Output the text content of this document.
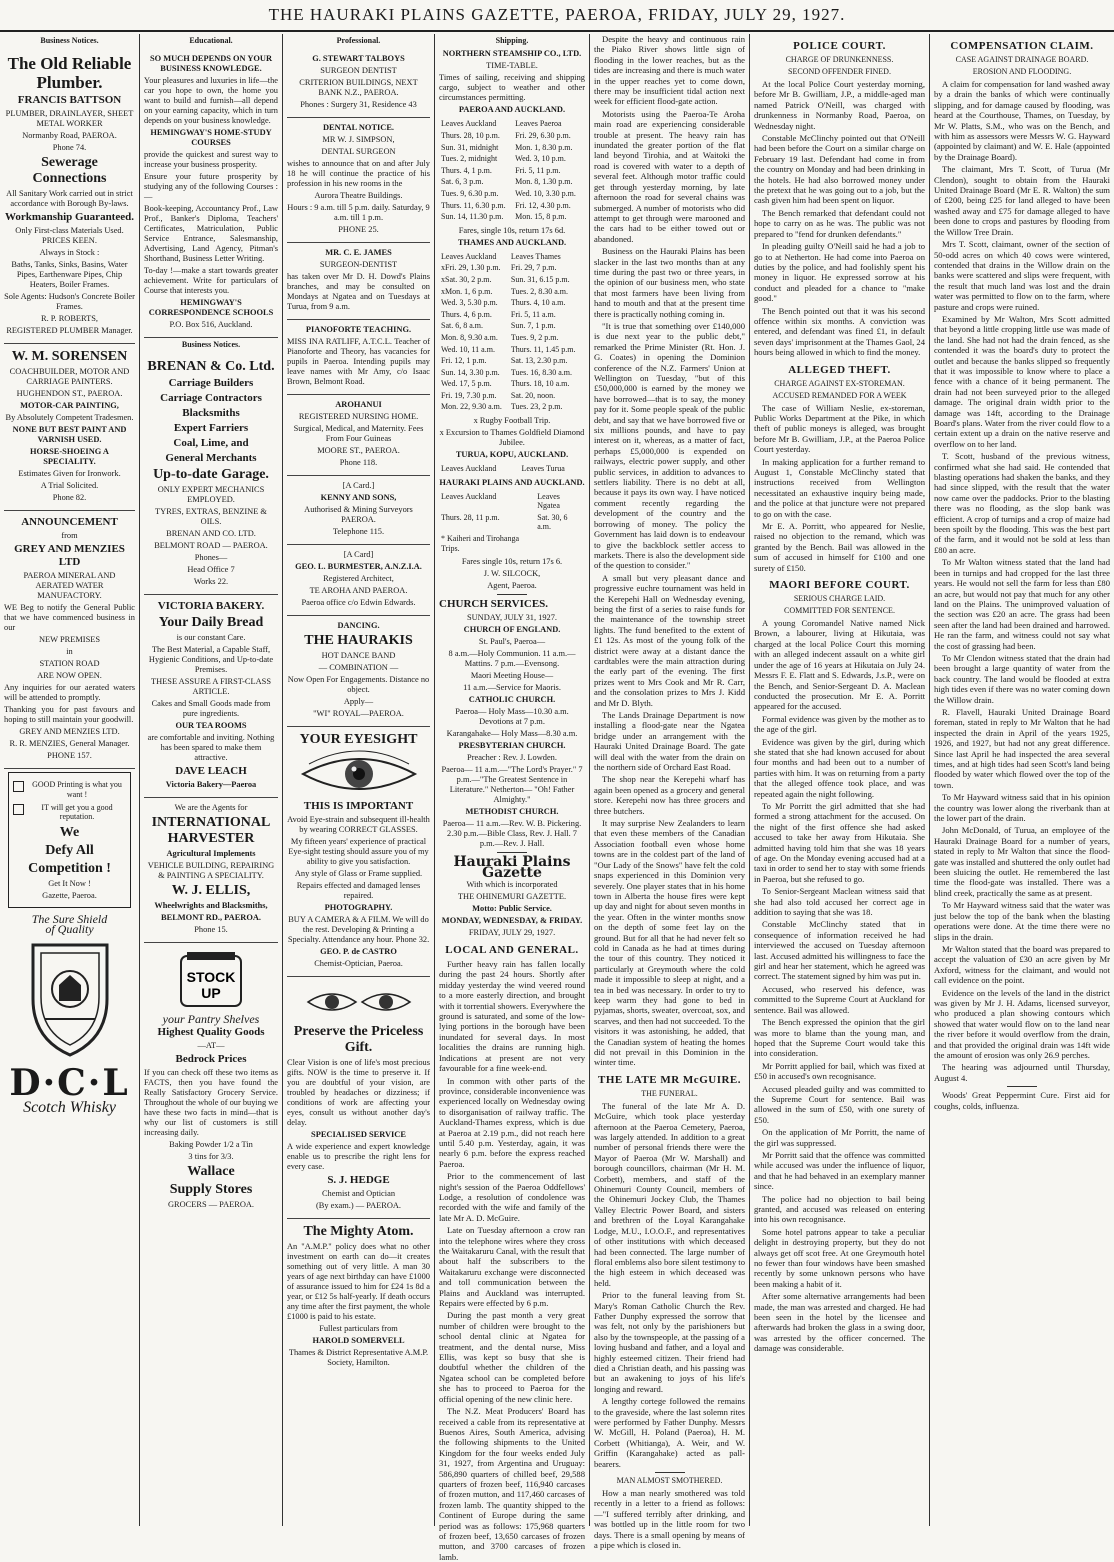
THE HAURAKI PLAINS GAZETTE, PAEROA, FRIDAY, JULY 29, 1927.
Business Notices.
The Old Reliable Plumber.
FRANCIS BATTSON
PLUMBER, DRAINLAYER, SHEET METAL WORKER
Normanby Road, PAEROA.
Phone 74.
Sewerage Connections
All Sanitary Work carried out in strict accordance with Borough By-laws.
Workmanship Guaranteed.
Only First-class Materials Used. PRICES KEEN.
Always in Stock :
Baths, Tanks, Sinks, Basins, Water Pipes, Earthenware Pipes, Chip Heaters, Boiler Frames.
Sole Agents: Hudson's Concrete Boiler Frames.
R. P. ROBERTS,
REGISTERED PLUMBER Manager.
W. M. SORENSEN
COACHBUILDER, MOTOR AND CARRIAGE PAINTERS.
HUGHENDON ST., PAEROA.
MOTOR-CAR PAINTING,
By Absolutely Competent Tradesmen.
NONE BUT BEST PAINT AND VARNISH USED.
HORSE-SHOEING A SPECIALITY.
Estimates Given for Ironwork.
A Trial Solicited.
Phone 82.
ANNOUNCEMENT
from
GREY AND MENZIES LTD
PAEROA MINERAL AND AERATED WATER MANUFACTORY.
WE Beg to notify the General Public that we have commenced business in our
NEW PREMISES
in
STATION ROAD
ARE NOW OPEN.
Any inquiries for our aerated waters will be attended to promptly.
Thanking you for past favours and hoping to still maintain your goodwill.
GREY AND MENZIES LTD.
R. R. MENZIES, General Manager.
PHONE 157.
GOOD Printing is what you want !
IT will get you a good reputation.
We
Defy All
Competition !
Get It Now !
Gazette, Paeroa.
The Sure Shield
of Quality
D·C·L
Scotch Whisky
Educational.
SO MUCH DEPENDS ON YOUR BUSINESS KNOWLEDGE.
Your pleasures and luxuries in life—the car you hope to own, the home you want to build and furnish—all depend on your earning capacity, which in turn depends on your business knowledge.
HEMINGWAY'S HOME-STUDY COURSES
provide the quickest and surest way to increase your business prosperity.
Ensure your future prosperity by studying any of the following Courses :—
Book-keeping, Accountancy Prof., Law Prof., Banker's Diploma, Teachers' Certificates, Matriculation, Public Service Entrance, Salesmanship, Advertising, Land Agency, Pitman's Shorthand, Business Letter Writing.
To-day !—make a start towards greater achievement. Write for particulars of Course that interests you.
HEMINGWAY'S CORRESPONDENCE SCHOOLS
P.O. Box 516, Auckland.
Business Notices.
BRENAN & Co. Ltd.
Carriage Builders
Carriage Contractors
Blacksmiths
Expert Farriers
Coal, Lime, and
General Merchants
Up-to-date Garage.
ONLY EXPERT MECHANICS EMPLOYED.
TYRES, EXTRAS, BENZINE & OILS.
BRENAN AND CO. LTD.
BELMONT ROAD — PAEROA.
Phones—
Head Office 7
Works 22.
VICTORIA BAKERY.
Your Daily Bread
is our constant Care.
The Best Material, a Capable Staff, Hygienic Conditions, and Up-to-date Premises.
THESE ASSURE A FIRST-CLASS ARTICLE.
Cakes and Small Goods made from pure ingredients.
OUR TEA ROOMS
are comfortable and inviting. Nothing has been spared to make them attractive.
DAVE LEACH
Victoria Bakery—Paeroa
We are the Agents for
INTERNATIONAL HARVESTER
Agricultural Implements
VEHICLE BUILDING, REPAIRING & PAINTING A SPECIALITY.
W. J. ELLIS,
Wheelwrights and Blacksmiths,
BELMONT RD., PAEROA.
Phone 15.
STOCK
UP
your Pantry Shelves
Highest Quality Goods
—AT—
Bedrock Prices
If you can check off these two items as FACTS, then you have found the Really Satisfactory Grocery Service. Throughout the whole of our buying we have these two facts in mind—that is why our list of customers is still increasing daily.
Baking Powder 1/2 a Tin
3 tins for 3/3.
Wallace
Supply Stores
GROCERS — PAEROA.
Professional.
G. STEWART TALBOYS
SURGEON DENTIST
CRITERION BUILDINGS, NEXT BANK N.Z., PAEROA.
Phones : Surgery 31, Residence 43
DENTAL NOTICE.
MR W. J. SIMPSON,
DENTAL SURGEON
wishes to announce that on and after July 18 he will continue the practice of his profession in his new rooms in the
Aurora Theatre Buildings.
Hours : 9 a.m. till 5 p.m. daily. Saturday, 9 a.m. till 1 p.m.
PHONE 25.
MR. C. E. JAMES
SURGEON-DENTIST
has taken over Mr D. H. Dowd's Plains branches, and may be consulted on Mondays at Ngatea and on Tuesdays at Turua, from 9 a.m.
PIANOFORTE TEACHING.
MISS INA RATLIFF, A.T.C.L. Teacher of Pianoforte and Theory, has vacancies for pupils in Paeroa. Intending pupils may leave names with Mr Amy, c/o Isaac Brown, Belmont Road.
AROHANUI
REGISTERED NURSING HOME.
Surgical, Medical, and Maternity. Fees From Four Guineas
MOORE ST., PAEROA.
Phone 118.
[A Card.]
KENNY AND SONS,
Authorised & Mining Surveyors PAEROA.
Telephone 115.
[A Card]
GEO. L. BURMESTER, A.N.Z.I.A.
Registered Architect,
TE AROHA AND PAEROA.
Paeroa office c/o Edwin Edwards.
DANCING.
THE HAURAKIS
HOT DANCE BAND
— COMBINATION —
Now Open For Engagements. Distance no object.
Apply—
"WI" ROYAL—PAEROA.
YOUR EYESIGHT
THIS IS IMPORTANT
Avoid Eye-strain and subsequent ill-health by wearing CORRECT GLASSES.
My fifteen years' experience of practical Eye-sight testing should assure you of my ability to give you satisfaction.
Any style of Glass or Frame supplied.
Repairs effected and damaged lenses repaired.
PHOTOGRAPHY.
BUY A CAMERA & A FILM. We will do the rest. Developing & Printing a Specialty. Attendance any hour. Phone 32.
GEO. P. de CASTRO
Chemist-Optician, Paeroa.
Preserve the Priceless Gift.
Clear Vision is one of life's most precious gifts. NOW is the time to preserve it. If you are doubtful of your vision, are troubled by headaches or dizziness; if conditions of work are affecting your eyes, consult us without another day's delay.
SPECIALISED SERVICE
A wide experience and expert knowledge enable us to prescribe the right lens for every case.
S. J. HEDGE
Chemist and Optician
(By exam.) — PAEROA.
The Mighty Atom.
An "A.M.P." policy does what no other investment on earth can do—it creates something out of very little. A man 30 years of age next birthday can have £1000 of assurance issued to him for £24 1s 8d a year, or £12 5s half-yearly. If death occurs any time after the first payment, the whole £1000 is paid to his estate.
Fullest particulars from
HAROLD SOMERVELL
Thames & District Representative A.M.P. Society, Hamilton.
Shipping.
NORTHERN STEAMSHIP CO., LTD.
TIME-TABLE.
Times of sailing, receiving and shipping cargo, subject to weather and other circumstances permitting.
PAEROA AND AUCKLAND.
Leaves Auckland	Leaves Paeroa
Thurs. 28, 10 p.m.	Fri. 29, 6.30 p.m.
Sun. 31, midnight	Mon. 1, 8.30 p.m.
Tues. 2, midnight	Wed. 3, 10 p.m.
Thurs. 4, 1 p.m.	Fri. 5, 11 p.m.
Sat. 6, 3 p.m.	Mon. 8, 1.30 p.m.
Tues. 9, 6.30 p.m.	Wed. 10, 3.30 p.m.
Thurs. 11, 6.30 p.m.	Fri. 12, 4.30 p.m.
Sun. 14, 11.30 p.m.	Mon. 15, 8 p.m.
Fares, single 10s, return 17s 6d.
THAMES AND AUCKLAND.
Leaves Auckland	Leaves Thames
xFri. 29, 1.30 p.m.	Fri. 29, 7 p.m.
xSat. 30, 2 p.m.	Sun. 31, 6.15 p.m.
xMon. 1, 6 p.m.	Tues. 2, 8.30 a.m.
Wed. 3, 5.30 p.m.	Thurs. 4, 10 a.m.
Thurs. 4, 6 p.m.	Fri. 5, 11 a.m.
Sat. 6, 8 a.m.	Sun. 7, 1 p.m.
Mon. 8, 9.30 a.m.	Tues. 9, 2 p.m.
Wed. 10, 11 a.m.	Thurs. 11, 1.45 p.m.
Fri. 12, 1 p.m.	Sat. 13, 2.30 p.m.
Sun. 14, 3.30 p.m.	Tues. 16, 8.30 a.m.
Wed. 17, 5 p.m.	Thurs. 18, 10 a.m.
Fri. 19, 7.30 p.m.	Sat. 20, noon.
Mon. 22, 9.30 a.m.	Tues. 23, 2 p.m.
x Rugby Football Trip.
x Excursion to Thames Goldfield Diamond Jubilee.
TURUA, KOPU, AUCKLAND.
Leaves Auckland	Leaves Turua
HAURAKI PLAINS AND AUCKLAND.
Leaves Auckland	Leaves Ngatea
Thurs. 28, 11 p.m.	Sat. 30, 6 a.m.
* Kaiheri and Tirohanga Trips.	
Fares single 10s, return 17s 6.
J. W. SILCOCK,
Agent, Paeroa.
CHURCH SERVICES.
SUNDAY, JULY 31, 1927.
CHURCH OF ENGLAND.
St. Paul's, Paeroa—
8 a.m.—Holy Communion. 11 a.m.—Mattins. 7 p.m.—Evensong.
Maori Meeting House—
11 a.m.—Service for Maoris.
CATHOLIC CHURCH.
Paeroa— Holy Mass—10.30 a.m. Devotions at 7 p.m.
Karangahake— Holy Mass—8.30 a.m.
PRESBYTERIAN CHURCH.
Preacher : Rev. J. Lowden.
Paeroa— 11 a.m.—"The Lord's Prayer." 7 p.m.—"The Greatest Sentence in Literature." Netherton— "Oh! Father Almighty."
METHODIST CHURCH.
Paeroa— 11 a.m.—Rev. W. B. Pickering. 2.30 p.m.—Bible Class, Rev. J. Hall. 7 p.m.—Rev. J. Hall.
Hauraki Plains Gazette
With which is incorporated
THE OHINEMURI GAZETTE.
Motto: Public Service.
MONDAY, WEDNESDAY, & FRIDAY.
FRIDAY, JULY 29, 1927.
LOCAL AND GENERAL.

Further heavy rain has fallen locally during the past 24 hours. Shortly after midday yesterday the wind veered round to a more easterly direction, and brought with it torrential showers. Everywhere the ground is saturated, and some of the low-lying portions in the borough have been inundated for several days. In most localities the drains are running high. Indications at present are not very favourable for a fine week-end.

In common with other parts of the province, considerable inconvenience was experienced locally on Wednesday owing to disorganisation of railway traffic. The Auckland-Thames express, which is due at Paeroa at 2.19 p.m., did not reach here until 5.40 p.m. Yesterday, again, it was nearly 6 p.m. before the express reached Paeroa.

Prior to the commencement of last night's session of the Paeroa Oddfellows' Lodge, a resolution of condolence was recorded with the wife and family of the late Mr A. D. McGuire.

Late on Tuesday afternoon a crow ran into the telephone wires where they cross the Waitakaruru Canal, with the result that about half the subscribers to the Waitakaruru exchange were disconnected and toll communication between the Plains and Auckland was interrupted. Repairs were effected by 6 p.m.

During the past month a very great number of children were brought to the school dental clinic at Ngatea for treatment, and the dental nurse, Miss Ellis, was kept so busy that she is doubtful whether the children of the Ngatea school can be completed before she has to proceed to Paeroa for the official opening of the new clinic here.

The N.Z. Meat Producers' Board has received a cable from its representative at Buenos Aires, South America, advising the following shipments to the United Kingdom for the four weeks ended July 31, 1927, from Argentina and Uruguay: 586,890 quarters of chilled beef, 29,588 quarters of frozen beef, 116,940 carcases of frozen mutton, and 117,460 carcases of frozen lamb. The quantity shipped to the Continent of Europe during the same period was as follows: 175,968 quarters of frozen beef, 13,650 carcases of frozen mutton, and 3700 carcases of frozen lamb.

Despite the heavy and continuous rain the Piako River shows little sign of flooding in the lower reaches, but as the tides are increasing and there is much water in the upper reaches yet to come down, there may be insufficient tidal action next week for efficient flood-gate action.

Motorists using the Paeroa-Te Aroha main road are experiencing considerable trouble at present. The heavy rain has inundated the greater portion of the flat land beyond Tirohia, and at Waitoki the road is covered with water to a depth of several feet. Although motor traffic could get through yesterday morning, by late afternoon the road for several chains was submerged. A number of motorists who did attempt to get through were marooned and the cars had to be either towed out or abandoned.

Business on the Hauraki Plains has been slacker in the last two months than at any time during the past two or three years, in the opinion of our business men, who state that most farmers have been living from hand to mouth and that at the present time there is practically nothing coming in.

"It is true that something over £140,000 is due next year to the public debt," remarked the Prime Minister (Rt. Hon. J. G. Coates) in opening the Dominion conference of the N.Z. Farmers' Union at Wellington on Tuesday, "but of this £50,000,000 is earned by the money we have borrowed—that is to say, the money pay for it. Some people speak of the public debt, and say that we have borrowed five or six millions pounds, and have to pay interest on it, whereas, as a matter of fact, perhaps £5,000,000 is expended on railways, electric power supply, and other public services, in addition to advances to settlers liability. There is no debt at all, because it pays its own way. I have noticed comment recently regarding the development of the country and the borrowing of money. The policy the Government has laid down is to endeavour to give the backblock settler access to markets. There is also the development side of the question to consider."

A small but very pleasant dance and progressive euchre tournament was held in the Kerepehi Hall on Wednesday evening, being the first of a series to raise funds for the maintenance of the township street lights. The fund benefited to the extent of £1 12s. As most of the young folk of the district were away at a distant dance the cardtables were the main attraction during the early part of the evening. The first prizes went to Mrs Cook and Mr R. Carr, and the consolation prizes to Mrs J. Kidd and Mr D. Blyth.

The Lands Drainage Department is now installing a flood-gate near the Ngatea bridge under an arrangement with the Hauraki United Drainage Board. The gate will deal with the water from the drain on the northern side of Orchard East Road.

The shop near the Kerepehi wharf has again been opened as a grocery and general store. Kerepehi now has three grocers and three butchers.

It may surprise New Zealanders to learn that even these members of the Canadian Association football even whose home towns are in the coldest part of the land of "Our Lady of the Snows" have felt the cold snaps experienced in this Dominion very severely. One player states that in his home town in Alberta the house fires were kept up day and night for about seven months in the year. Often in the winter months snow on the depth of some feet lay on the ground. But for all that he had never felt so cold in Canada as he had at times during the tour of this country. They noticed it particularly at Greymouth where the cold made it impossible to sleep at night, and a tea in bed was necessary. In order to try to keep warm they had gone to bed in pyjamas, shorts, sweater, overcoat, sox, and scarves, and then had not succeeded. To the visitors it was astonishing, he added, that the Canadian system of heating the homes did not prevail in this Dominion in the winter time.

THE LATE MR McGUIRE.
THE FUNERAL.

The funeral of the late Mr A. D. McGuire, which took place yesterday afternoon at the Paeroa Cemetery, Paeroa, was largely attended. In addition to a great number of personal friends there were the Mayor of Paeroa (Mr W. Marshall) and borough councillors, chairman (Mr H. M. Corbett), members, and staff of the Ohinemuri County Council, members of the Ohinemuri Jockey Club, the Thames Valley Electric Power Board, and sisters and brethren of the Loyal Karangahake Lodge, M.U., I.O.O.F., and representatives of other institutions with which deceased had been connected. The large number of floral emblems also bore silent testimony to the high esteem in which deceased was held.

Prior to the funeral leaving from St. Mary's Roman Catholic Church the Rev. Father Dunphy expressed the sorrow that was felt, not only by the parishioners but also by the townspeople, at the passing of a loving husband and father, and a loyal and highly esteemed citizen. Their friend had died a Christian death, and his passing was but an awakening to joys of his life's longing and reward.

A lengthy cortege followed the remains to the graveside, where the last solemn rites were performed by Father Dunphy. Messrs W. McGill, H. Poland (Paeroa), H. M. Corbett (Whitianga), A. Weir, and W. Griffin (Karangahake) acted as pall-bearers.

MAN ALMOST SMOTHERED.

How a man nearly smothered was told recently in a letter to a friend as follows:—"I suffered terribly after drinking, and was bottled up in the little room for two days. There is a small opening by means of a pipe which is closed in.

POLICE COURT.
CHARGE OF DRUNKENNESS.
SECOND OFFENDER FINED.

At the local Police Court yesterday morning, before Mr B. Gwilliam, J.P., a middle-aged man named Patrick O'Neill, was charged with drunkenness in Normanby Road, Paeroa, on Wednesday night.

Constable McClinchy pointed out that O'Neill had been before the Court on a similar charge on February 19 last. Defendant had come in from the country on Monday and had been drinking in the hotels. He had also borrowed money under the pretext that he was going out to a job, but the cash given him had been spent on liquor.

The Bench remarked that defendant could not hope to carry on as he was. The public was not prepared to "fend for drunken defendants."

In pleading guilty O'Neill said he had a job to go to at Netherton. He had come into Paeroa on duties by the police, and had foolishly spent his money in liquor. He expressed sorrow at his conduct and pleaded for a chance to "make good."

The Bench pointed out that it was his second offence within six months. A conviction was entered, and defendant was fined £1, in default seven days' imprisonment at the Thames Gaol, 24 hours being allowed in which to find the money.

ALLEGED THEFT.
CHARGE AGAINST EX-STOREMAN.
ACCUSED REMANDED FOR A WEEK

The case of William Neslie, ex-storeman, Public Works Department at the Pike, in which theft of public moneys is alleged, was brought before Mr B. Gwilliam, J.P., at the Paeroa Police Court yesterday.

In making application for a further remand to August 1, Constable McClinchy stated that instructions received from Wellington necessitated an exhaustive inquiry being made, and the police at that juncture were not prepared to go on with the case.

Mr E. A. Porritt, who appeared for Neslie, raised no objection to the remand, which was granted by the Bench. Bail was allowed in the sum of accused in himself for £100 and one surety of £150.

MAORI BEFORE COURT.
SERIOUS CHARGE LAID.
COMMITTED FOR SENTENCE.

A young Coromandel Native named Nick Brown, a labourer, living at Hikutaia, was charged at the local Police Court this morning with an alleged indecent assault on a white girl under the age of 16 years at Hikutaia on July 24. Messrs F. E. Flatt and S. Edwards, J.s.P., were on the Bench, and Senior-Sergeant D. A. Maclean conducted the prosecution. Mr E. A. Porritt appeared for the accused.

Formal evidence was given by the mother as to the age of the girl.

Evidence was given by the girl, during which she stated that she had known accused for about four months and had been out to a number of parties with him. It was on returning from a party that the alleged offence took place, and was repeated again the night following.

To Mr Porritt the girl admitted that she had formed a strong attachment for the accused. On the night of the first offence she had asked accused to take her away from Hikutaia. She admitted having told him that she was 18 years of age. On the Monday evening accused had at a taxi in order to send her to stay with some friends in Paeroa, but she refused to go.

To Senior-Sergeant Maclean witness said that she had also told accused her correct age in addition to saying that she was 18.

Constable McClinchy stated that in consequence of information received he had interviewed the accused on Tuesday afternoon last. Accused admitted his willingness to face the girl and hear her statement, which he agreed was correct. The statement signed by him was put in.

Accused, who reserved his defence, was committed to the Supreme Court at Auckland for sentence. Bail was allowed.

The Bench expressed the opinion that the girl was more to blame than the young man, and hoped that the Supreme Court would take this into consideration.

Mr Porritt applied for bail, which was fixed at £50 in accused's own recognisance.

Accused pleaded guilty and was committed to the Supreme Court for sentence. Bail was allowed in the sum of £50, with one surety of £50.

On the application of Mr Porritt, the name of the girl was suppressed.

Mr Porritt said that the offence was committed while accused was under the influence of liquor, and that he had behaved in an exemplary manner since.

The police had no objection to bail being granted, and accused was released on entering into his own recognisance.

Some hotel patrons appear to take a peculiar delight in destroying property, but they do not always get off scot free. At one Greymouth hotel no fewer than four windows have been smashed recently by some unknown persons who have been making a habit of it.

After some alternative arrangements had been made, the man was arrested and charged. He had been seen in the hotel by the licensee and afterwards had broken the glass in a swing door, was arrested by the officer concerned. The damage was considerable.

COMPENSATION CLAIM.
CASE AGAINST DRAINAGE BOARD.
EROSION AND FLOODING.

A claim for compensation for land washed away by a drain the banks of which were continually slipping, and for damage caused by flooding, was heard at the Courthouse, Thames, on Tuesday, by Mr W. Platts, S.M., who was on the Bench, and with him as assessors were Messrs W. G. Hayward (appointed by claimant) and W. E. Hale (appointed by the Drainage Board).

The claimant, Mrs T. Scott, of Turua (Mr Clendon), sought to obtain from the Hauraki United Drainage Board (Mr E. R. Walton) the sum of £200, being £25 for land alleged to have been washed away and £75 for damage alleged to have been done to crops and pastures by flooding from the Willow Tree Drain.

Mrs T. Scott, claimant, owner of the section of 50-odd acres on which 40 cows were wintered, contended that drains in the Willow drain on the banks were scattered and slips were frequent, with the result that much land was lost and the drain water was permitted to flow on to the farm, where pasture and crops were ruined.

Examined by Mr Walton, Mrs Scott admitted that beyond a little cropping little use was made of the land. She had not had the drain fenced, as she contended it was the board's duty to protect the outlet and because the banks slipped so frequently that it was impossible to know where to place a fence with a chance of it being permanent. The drain had not been surveyed prior to the alleged damage. The original drain width prior to the damage was 14ft, according to the Drainage Board's plans. Water from the river could flow to a certain extent up a drain on the native reserve and overflow on to her land.

T. Scott, husband of the previous witness, confirmed what she had said. He contended that blasting operations had shaken the banks, and they had since slipped, with the result that the water now came over the paddocks. Prior to the blasting there was no flooding, as the slop bank was efficient. A crop of turnips and a crop of maize had been spoilt by the flooding. This was the best part of the farm, and it would not be sold at less than £80 an acre.

To Mr Walton witness stated that the land had been in turnips and had cropped for the last three years. He would not sell the farm for less than £80 an acre, but would not pay that much for any other land on the Plains. The unimproved valuation of the section was £20 an acre. The grass had been seen after the land had been drained and harrowed. He ran the farm, and witness could not say what the cost of grassing had been.

To Mr Clendon witness stated that the drain had been brought a large quantity of water from the back country. The land would be flooded at extra high tides even if there was no water coming down the Willow drain.

R. Flavell, Hauraki United Drainage Board foreman, stated in reply to Mr Walton that he had inspected the drain in April of the years 1925, 1926, and 1927, but had not any great difference. Since last April he had inspected the area several times, and at high tides had seen Scott's land being flooded by water which flowed over the top of the town.

To Mr Hayward witness said that in his opinion the country was lower along the riverbank than at the lower part of the drain.

John McDonald, of Turua, an employee of the Hauraki Drainage Board for a number of years, stated in reply to Mr Walton that since the flood-gate was installed and shuttered the only outlet had been sluicing the outlet. He remembered the last time the flood-gate was installed. There was a blind creek, practically the same as at present.

To Mr Hayward witness said that the water was just below the top of the bank when the blasting operations were done. At the time there were no slips in the drain.

Mr Walton stated that the board was prepared to accept the valuation of £30 an acre given by Mr Axford, witness for the claimant, and would not call evidence on the point.

Evidence on the levels of the land in the district was given by Mr J. H. Adams, licensed surveyor, who produced a plan showing contours which showed that water would flow on to the land near the river before it would overflow from the drain, and that provided the original drain was 14ft wide the amount of erosion was only 26.9 perches.

The hearing was adjourned until Thursday, August 4.

Woods' Great Peppermint Cure. First aid for coughs, colds, influenza.
